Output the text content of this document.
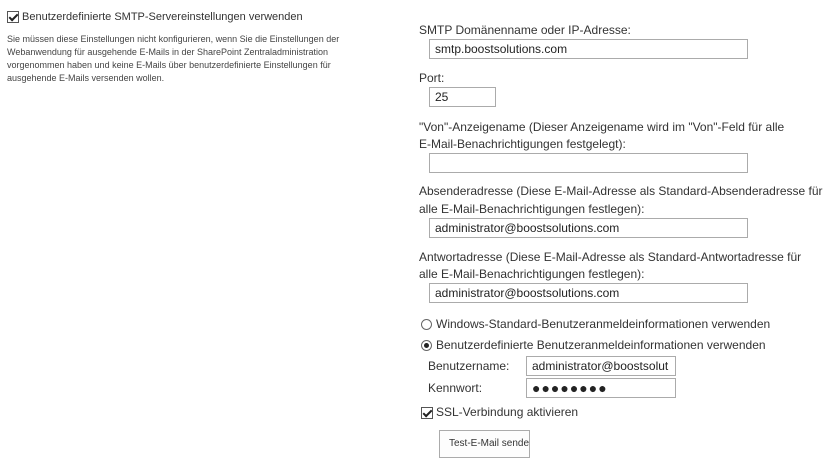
Benutzerdefinierte SMTP-Servereinstellungen verwenden
Sie müssen diese Einstellungen nicht konfigurieren, wenn Sie die Einstellungen der Webanwendung für ausgehende E-Mails in der SharePoint Zentraladministration vorgenommen haben und keine E-Mails über benutzerdefinierte Einstellungen für ausgehende E-Mails versenden wollen.
SMTP Domänenname oder IP-Adresse:
smtp.boostsolutions.com
Port:
25
"Von"-Anzeigename (Dieser Anzeigename wird im "Von"-Feld für alle
E-Mail-Benachrichtigungen festgelegt):
Absenderadresse (Diese E-Mail-Adresse als Standard-Absenderadresse für
alle E-Mail-Benachrichtigungen festlegen):
administrator@boostsolutions.com
Antwortadresse (Diese E-Mail-Adresse als Standard-Antwortadresse für
alle E-Mail-Benachrichtigungen festlegen):
administrator@boostsolutions.com
Windows-Standard-Benutzeranmeldeinformationen verwenden
Benutzerdefinierte Benutzeranmeldeinformationen verwenden
Benutzername:	administrator@boostsolut
Kennwort:	●●●●●●●●
SSL-Verbindung aktivieren
Test-E-Mail sende
